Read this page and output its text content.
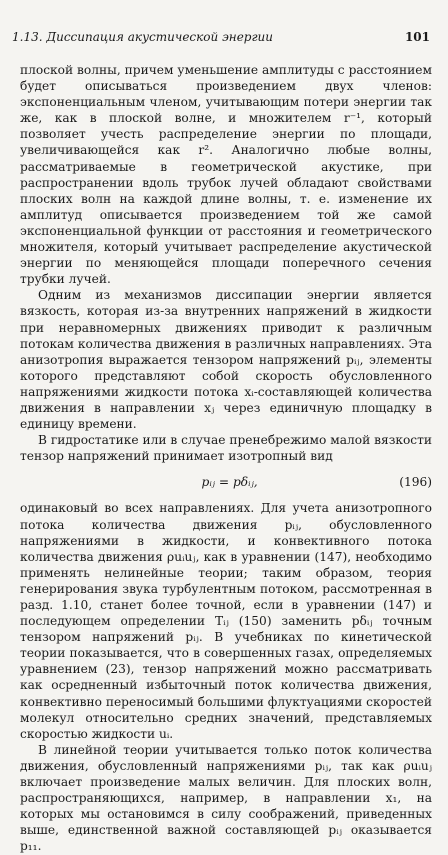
1.13. Диссипация акустической энергии	101

плоской волны, причем уменьшение амплитуды с расстоянием будет описываться произведением двух членов: экспоненциальным членом, учитывающим потери энергии так же, как в плоской волне, и множителем r⁻¹, который позволяет учесть распределение энергии по площади, увеличивающейся как r². Аналогично любые волны, рассматриваемые в геометрической акустике, при распространении вдоль трубок лучей обладают свойствами плоских волн на каждой длине волны, т. е. изменение их амплитуд описывается произведением той же самой экспоненциальной функции от расстояния и геометрического множителя, который учитывает распределение акустической энергии по меняющейся площади поперечного сечения трубки лучей.

Одним из механизмов диссипации энергии является вязкость, которая из-за внутренних напряжений в жидкости при неравномерных движениях приводит к различным потокам количества движения в различных направлениях. Эта анизотропия выражается тензором напряжений pᵢⱼ, элементы которого представляют собой скорость обусловленного напряжениями жидкости потока xᵢ-составляющей количества движения в направлении xⱼ через единичную площадку в единицу времени.

В гидростатике или в случае пренебрежимо малой вязкости тензор напряжений принимает изотропный вид

pᵢⱼ = pδᵢⱼ,	(196)

одинаковый во всех направлениях. Для учета анизотропного потока количества движения pᵢⱼ, обусловленного напряжениями в жидкости, и конвективного потока количества движения ρuᵢuⱼ, как в уравнении (147), необходимо применять нелинейные теории; таким образом, теория генерирования звука турбулентным потоком, рассмотренная в разд. 1.10, станет более точной, если в уравнении (147) и последующем определении Tᵢⱼ (150) заменить pδᵢⱼ точным тензором напряжений pᵢⱼ. В учебниках по кинетической теории показывается, что в совершенных газах, определяемых уравнением (23), тензор напряжений можно рассматривать как осредненный избыточный поток количества движения, конвективно переносимый большими флуктуациями скоростей молекул относительно средних значений, представляемых скоростью жидкости uᵢ.

В линейной теории учитывается только поток количества движения, обусловленный напряжениями pᵢⱼ, так как ρuᵢuⱼ включает произведение малых величин. Для плоских волн, распространяющихся, например, в направлении x₁, на которых мы остановимся в силу соображений, приведенных выше, единственной важной составляющей pᵢⱼ оказывается p₁₁.
